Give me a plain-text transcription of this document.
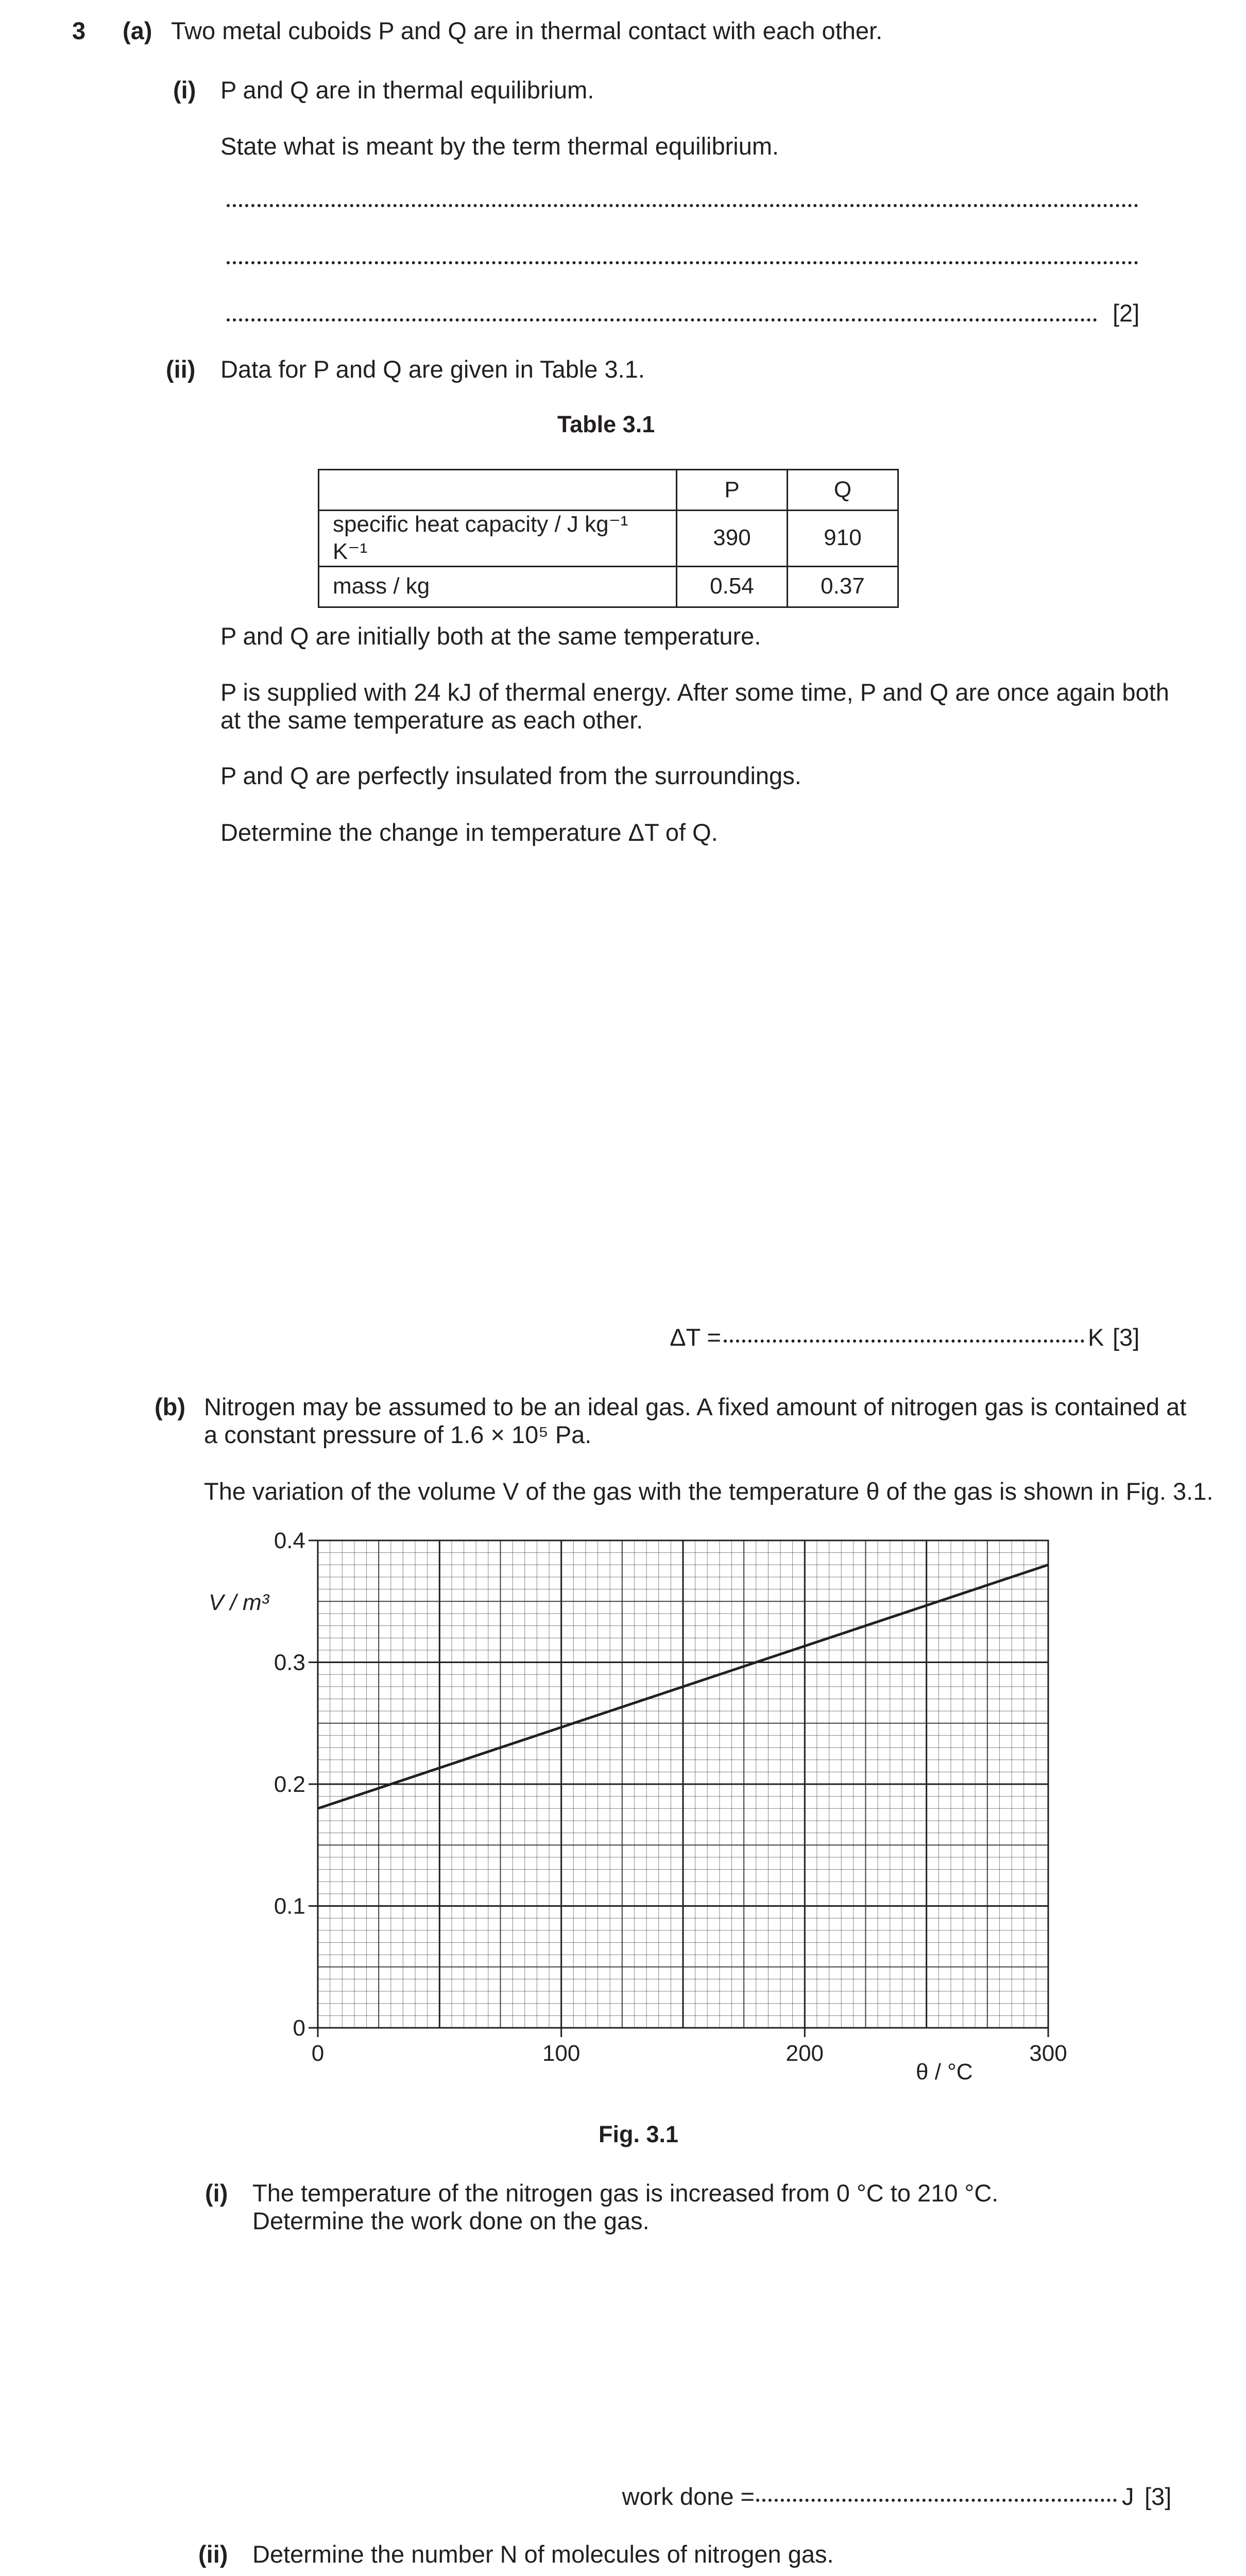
3 (a) Two metal cuboids P and Q are in thermal contact with each other.
(i) P and Q are in thermal equilibrium.
State what is meant by the term thermal equilibrium.
[2]
(ii) Data for P and Q are given in Table 3.1.
Table 3.1
	P	Q
specific heat capacity / J kg⁻¹ K⁻¹	390	910
mass / kg	0.54	0.37
P and Q are initially both at the same temperature.
P is supplied with 24 kJ of thermal energy. After some time, P and Q are once again both
at the same temperature as each other.
P and Q are perfectly insulated from the surroundings.
Determine the change in temperature ΔT of Q.
ΔT =	K [3]
(b) Nitrogen may be assumed to be an ideal gas. A fixed amount of nitrogen gas is contained at
a constant pressure of 1.6 × 10⁵ Pa.
The variation of the volume V of the gas with the temperature θ of the gas is shown in Fig. 3.1.
0	100	200	300
0
0.1
0.2
0.3
0.4
V / m³
θ / °C
Fig. 3.1
(i) The temperature of the nitrogen gas is increased from 0 °C to 210 °C.
Determine the work done on the gas.
work done =	J [3]
(ii) Determine the number N of molecules of nitrogen gas.
